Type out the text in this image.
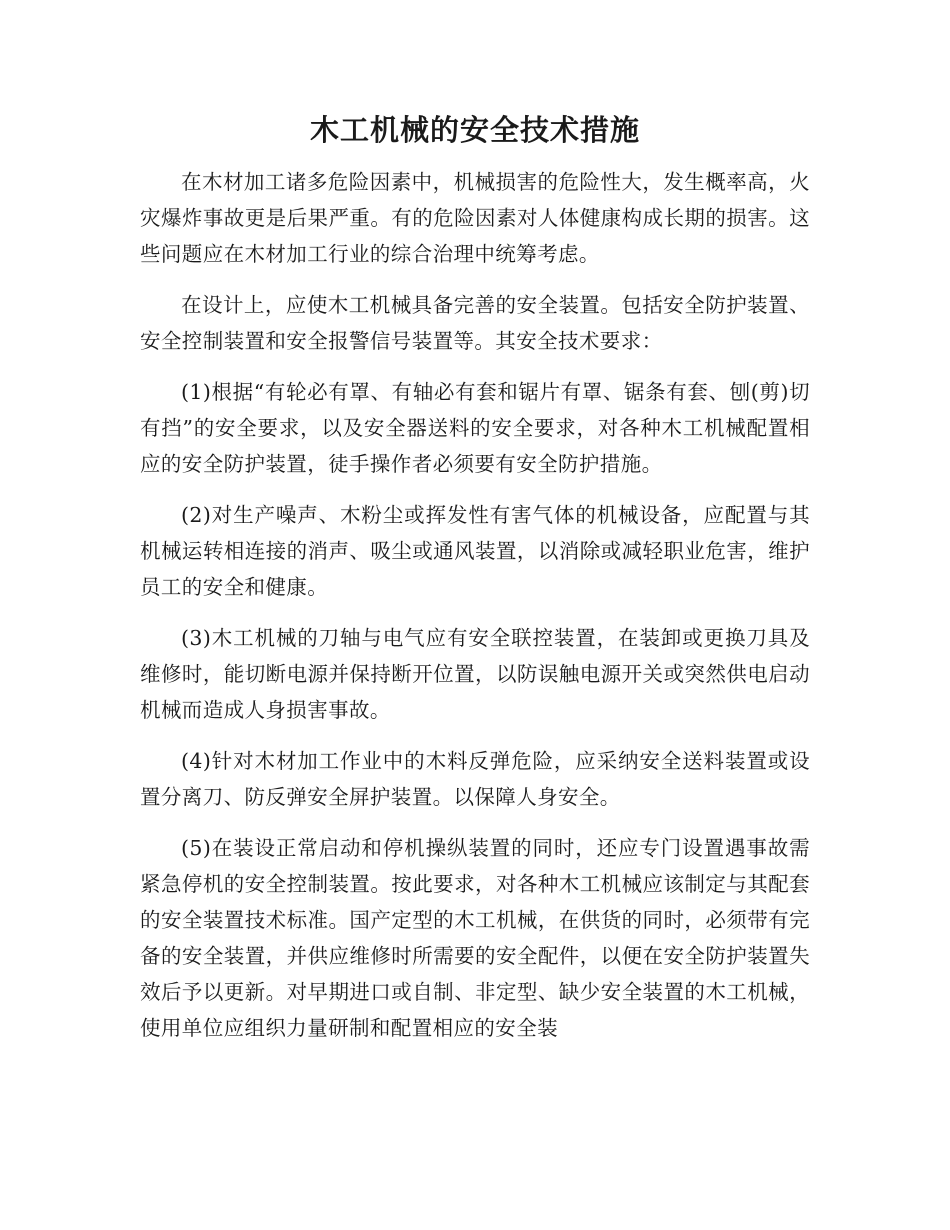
木工机械的安全技术措施

在木材加工诸多危险因素中，机械损害的危险性大，发生概率高，火灾爆炸事故更是后果严重。有的危险因素对人体健康构成长期的损害。这些问题应在木材加工行业的综合治理中统筹考虑。

在设计上，应使木工机械具备完善的安全装置。包括安全防护装置、安全控制装置和安全报警信号装置等。其安全技术要求：

(1)根据“有轮必有罩、有轴必有套和锯片有罩、锯条有套、刨(剪)切有挡”的安全要求，以及安全器送料的安全要求，对各种木工机械配置相应的安全防护装置，徒手操作者必须要有安全防护措施。

(2)对生产噪声、木粉尘或挥发性有害气体的机械设备，应配置与其机械运转相连接的消声、吸尘或通风装置，以消除或减轻职业危害，维护员工的安全和健康。

(3)木工机械的刀轴与电气应有安全联控装置，在装卸或更换刀具及维修时，能切断电源并保持断开位置，以防误触电源开关或突然供电启动机械而造成人身损害事故。

(4)针对木材加工作业中的木料反弹危险，应采纳安全送料装置或设置分离刀、防反弹安全屏护装置。以保障人身安全。

(5)在装设正常启动和停机操纵装置的同时，还应专门设置遇事故需紧急停机的安全控制装置。按此要求，对各种木工机械应该制定与其配套的安全装置技术标准。国产定型的木工机械，在供货的同时，必须带有完备的安全装置，并供应维修时所需要的安全配件，以便在安全防护装置失效后予以更新。对早期进口或自制、非定型、缺少安全装置的木工机械，使用单位应组织力量研制和配置相应的安全装
